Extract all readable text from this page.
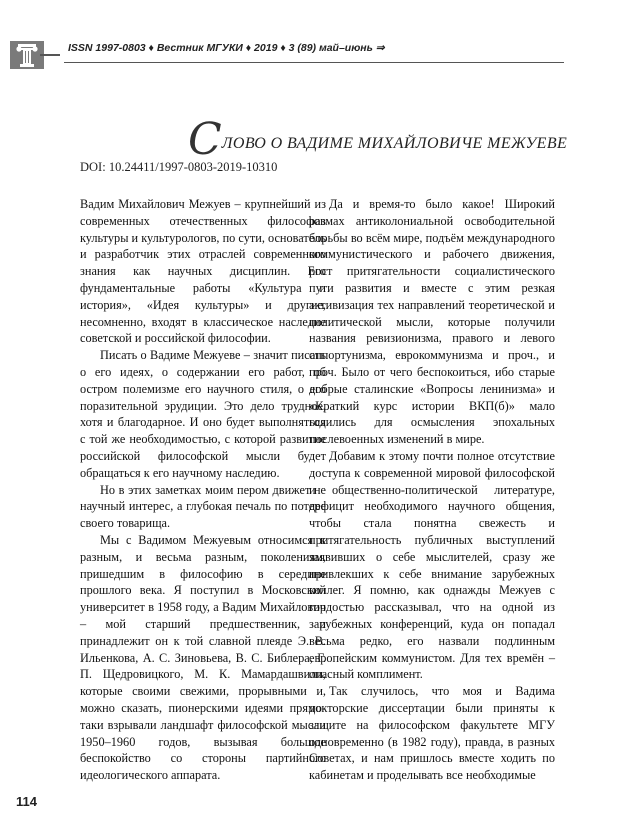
ISSN 1997-0803 ♦ Вестник МГУКИ ♦ 2019 ♦ 3 (89) май–июнь ⇒
СЛОВО О ВАДИМЕ МИХАЙЛОВИЧЕ МЕЖУЕВЕ
DOI: 10.24411/1997-0803-2019-10310

Вадим Михайлович Межуев – крупнейший из современных отечественных философов культуры и культурологов, по сути, основатель и разработчик этих отраслей современного знания как научных дисциплин. Его фундаментальные работы «Культура и история», «Идея культуры» и другие, несомненно, входят в классическое наследие советской и российской философии.

Писать о Вадиме Межуеве – значит писать о его идеях, о содержании его работ, об остром полемизме его научного стиля, о его поразительной эрудиции. Это дело трудное, хотя и благодарное. И оно будет выполняться с той же необходимостью, с которой развитие российской философской мысли будет обращаться к его научному наследию.

Но в этих заметках моим пером движет не научный интерес, а глубокая печаль по потере своего товарища.

Мы с Вадимом Межуевым относимся к разным, и весьма разным, поколениям, пришедшим в философию в середине прошлого века. Я поступил в Московский университет в 1958 году, а Вадим Михайлович – мой старший предшественник, и принадлежит он к той славной плеяде Э. В. Ильенкова, А. С. Зиновьева, В. С. Библера, Г. П. Щедровицкого, М. К. Мамардашвили, которые своими свежими, прорывными и, можно сказать, пионерскими идеями прямо-таки взрывали ландшафт философской мысли 1950–1960 годов, вызывая большое беспокойство со стороны партийного идеологического аппарата.

Да и время-то было какое! Широкий размах антиколониальной освободительной борьбы во всём мире, подъём международного коммунистического и рабочего движения, рост притягательности социалистического пути развития и вместе с этим резкая активизация тех направлений теоретической и политической мысли, которые получили названия ревизионизма, правого и левого оппортунизма, еврокоммунизма и проч., и проч. Было от чего беспокоиться, ибо старые добрые сталинские «Вопросы ленинизма» и «Краткий курс истории ВКП(б)» мало годились для осмысления эпохальных послевоенных изменений в мире.

Добавим к этому почти полное отсутствие доступа к современной мировой философской и общественно-политической литературе, дефицит необходимого научного общения, чтобы стала понятна свежесть и притягательность публичных выступлений заявивших о себе мыслителей, сразу же привлекших к себе внимание зарубежных коллег. Я помню, как однажды Межуев с гордостью рассказывал, что на одной из зарубежных конференций, куда он попадал весьма редко, его назвали подлинным европейским коммунистом. Для тех времён – опасный комплимент.

Так случилось, что моя и Вадима докторские диссертации были приняты к защите на философском факультете МГУ одновременно (в 1982 году), правда, в разных Советах, и нам пришлось вместе ходить по кабинетам и проделывать все необходимые

114
